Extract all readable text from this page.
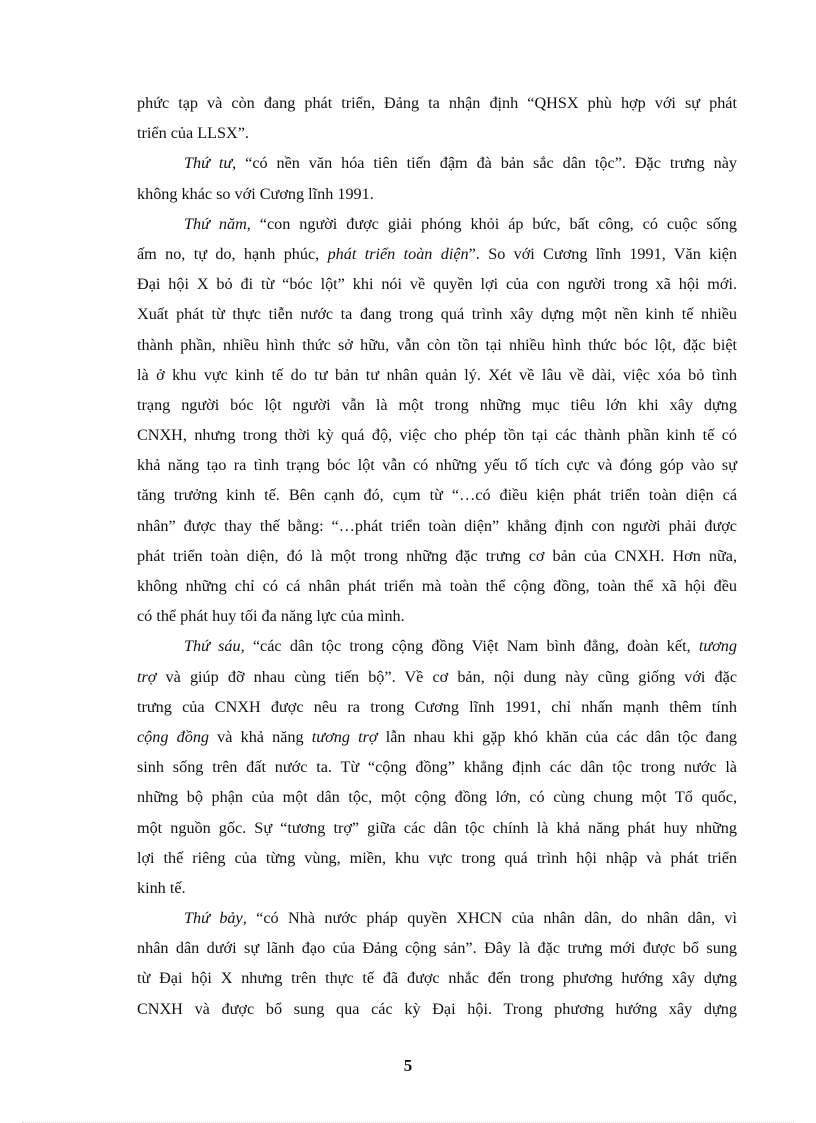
phức tạp và còn đang phát triển, Đảng ta nhận định “QHSX phù hợp với sự phát
triển của LLSX”.
Thứ tư, “có nền văn hóa tiên tiến đậm đà bản sắc dân tộc”. Đặc trưng này
không khác so với Cương lĩnh 1991.
Thứ năm, “con người được giải phóng khỏi áp bức, bất công, có cuộc sống
ấm no, tự do, hạnh phúc, phát triển toàn diện”. So với Cương lĩnh 1991, Văn kiện
Đại hội X bỏ đi từ “bóc lột” khi nói về quyền lợi của con người trong xã hội mới.
Xuất phát từ thực tiễn nước ta đang trong quá trình xây dựng một nền kinh tế nhiều
thành phần, nhiều hình thức sở hữu, vẫn còn tồn tại nhiều hình thức bóc lột, đặc biệt
là ở khu vực kinh tế do tư bản tư nhân quản lý. Xét về lâu về dài, việc xóa bỏ tình
trạng người bóc lột người vẫn là một trong những mục tiêu lớn khi xây dựng
CNXH, nhưng trong thời kỳ quá độ, việc cho phép tồn tại các thành phần kinh tế có
khả năng tạo ra tình trạng bóc lột vẫn có những yếu tố tích cực và đóng góp vào sự
tăng trưởng kinh tế. Bên cạnh đó, cụm từ “…có điều kiện phát triển toàn diện cá
nhân” được thay thế bằng: “…phát triển toàn diện” khẳng định con người phải được
phát triển toàn diện, đó là một trong những đặc trưng cơ bản của CNXH. Hơn nữa,
không những chỉ có cá nhân phát triển mà toàn thể cộng đồng, toàn thể xã hội đều
có thể phát huy tối đa năng lực của mình.
Thứ sáu, “các dân tộc trong cộng đồng Việt Nam bình đẳng, đoàn kết, tương
trợ và giúp đỡ nhau cùng tiến bộ”. Về cơ bản, nội dung này cũng giống với đặc
trưng của CNXH được nêu ra trong Cương lĩnh 1991, chỉ nhấn mạnh thêm tính
cộng đồng và khả năng tương trợ lẫn nhau khi gặp khó khăn của các dân tộc đang
sinh sống trên đất nước ta. Từ “cộng đồng” khẳng định các dân tộc trong nước là
những bộ phận của một dân tộc, một cộng đồng lớn, có cùng chung một Tổ quốc,
một nguồn gốc. Sự “tương trợ” giữa các dân tộc chính là khả năng phát huy những
lợi thế riêng của từng vùng, miền, khu vực trong quá trình hội nhập và phát triển
kinh tế.
Thứ bảy, “có Nhà nước pháp quyền XHCN của nhân dân, do nhân dân, vì
nhân dân dưới sự lãnh đạo của Đảng cộng sản”. Đây là đặc trưng mới được bổ sung
từ Đại hội X nhưng trên thực tế đã được nhắc đến trong phương hướng xây dựng
CNXH và được bổ sung qua các kỳ Đại hội. Trong phương hướng xây dựng
5
